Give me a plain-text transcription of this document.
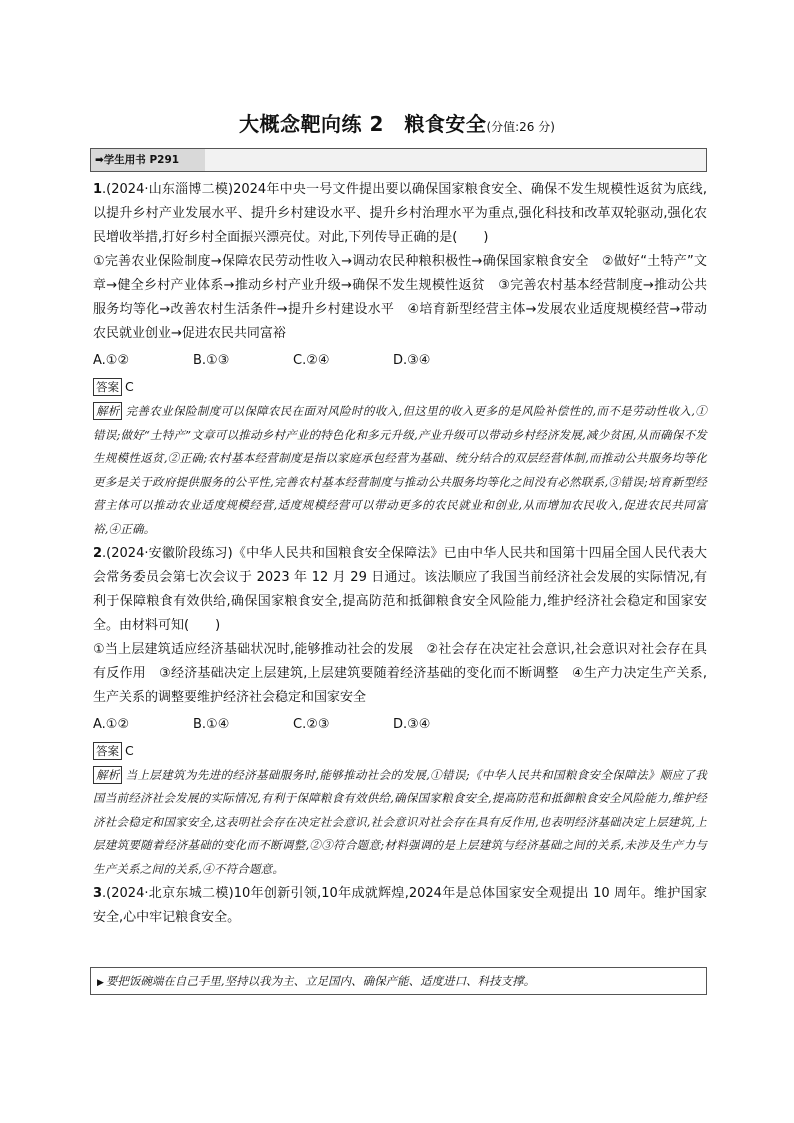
大概念靶向练 2　粮食安全(分值:26 分)
➡学生用书 P291

1.(2024·山东淄博二模)2024年中央一号文件提出要以确保国家粮食安全、确保不发生规模性返贫为底线,以提升乡村产业发展水平、提升乡村建设水平、提升乡村治理水平为重点,强化科技和改革双轮驱动,强化农民增收举措,打好乡村全面振兴漂亮仗。对此,下列传导正确的是(　　)

①完善农业保险制度→保障农民劳动性收入→调动农民种粮积极性→确保国家粮食安全　②做好“土特产”文章→健全乡村产业体系→推动乡村产业升级→确保不发生规模性返贫　③完善农村基本经营制度→推动公共服务均等化→改善农村生活条件→提升乡村建设水平　④培育新型经营主体→发展农业适度规模经营→带动农民就业创业→促进农民共同富裕

A.①②	B.①③	C.②④	D.③④
答案 C

解析 完善农业保险制度可以保障农民在面对风险时的收入,但这里的收入更多的是风险补偿性的,而不是劳动性收入,①错误;做好“土特产”文章可以推动乡村产业的特色化和多元升级,产业升级可以带动乡村经济发展,减少贫困,从而确保不发生规模性返贫,②正确;农村基本经营制度是指以家庭承包经营为基础、统分结合的双层经营体制,而推动公共服务均等化更多是关于政府提供服务的公平性,完善农村基本经营制度与推动公共服务均等化之间没有必然联系,③错误;培育新型经营主体可以推动农业适度规模经营,适度规模经营可以带动更多的农民就业和创业,从而增加农民收入,促进农民共同富裕,④正确。

2.(2024·安徽阶段练习)《中华人民共和国粮食安全保障法》已由中华人民共和国第十四届全国人民代表大会常务委员会第七次会议于 2023 年 12 月 29 日通过。该法顺应了我国当前经济社会发展的实际情况,有利于保障粮食有效供给,确保国家粮食安全,提高防范和抵御粮食安全风险能力,维护经济社会稳定和国家安全。由材料可知(　　)

①当上层建筑适应经济基础状况时,能够推动社会的发展　②社会存在决定社会意识,社会意识对社会存在具有反作用　③经济基础决定上层建筑,上层建筑要随着经济基础的变化而不断调整　④生产力决定生产关系,生产关系的调整要维护经济社会稳定和国家安全

A.①②	B.①④	C.②③	D.③④
答案 C

解析 当上层建筑为先进的经济基础服务时,能够推动社会的发展,①错误;《中华人民共和国粮食安全保障法》顺应了我国当前经济社会发展的实际情况,有利于保障粮食有效供给,确保国家粮食安全,提高防范和抵御粮食安全风险能力,维护经济社会稳定和国家安全,这表明社会存在决定社会意识,社会意识对社会存在具有反作用,也表明经济基础决定上层建筑,上层建筑要随着经济基础的变化而不断调整,②③符合题意;材料强调的是上层建筑与经济基础之间的关系,未涉及生产力与生产关系之间的关系,④不符合题意。

3.(2024·北京东城二模)10年创新引领,10年成就辉煌,2024年是总体国家安全观提出 10 周年。维护国家安全,心中牢记粮食安全。

▶ 要把饭碗端在自己手里,坚持以我为主、立足国内、确保产能、适度进口、科技支撑。
